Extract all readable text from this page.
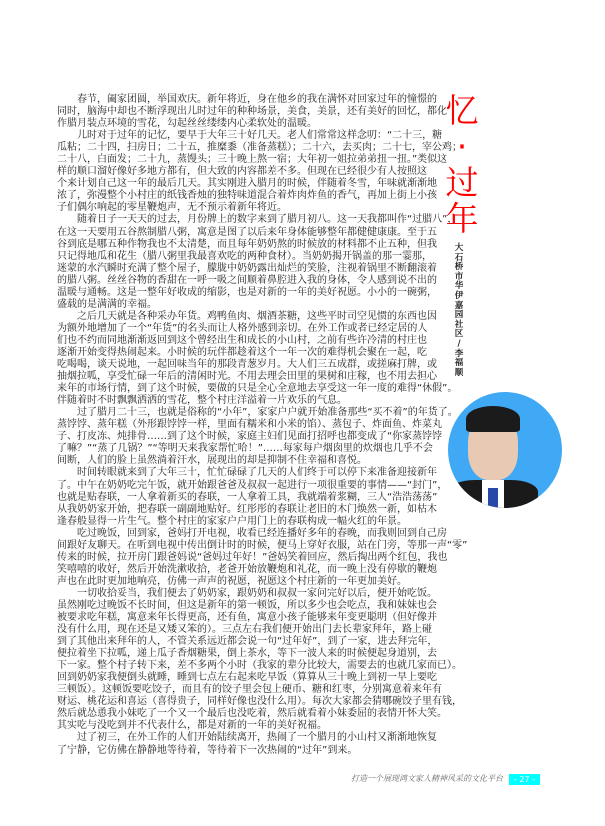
春节，阖家团圆，举国欢庆。新年将近，身在他乡的我在满怀对回家过年的憧憬的
同时，脑海中却也不断浮现出儿时过年的种种场景，美食，美景，还有美好的回忆，都化
作腊月装点环境的雪花，勾起丝丝缕缕内心柔软处的温暖。
儿时对于过年的记忆，要早于大年三十好几天。老人们常常这样念叨：“二十三，糖
瓜粘；二十四，扫房日；二十五，推糜黍（准备蒸糕）；二十六，去买肉；二十七，宰公鸡；
二十八，白面发；二十九，蒸馒头；三十晚上熬一宿；大年初一姐拉弟弟扭一扭。”类似这
样的顺口溜好像好多地方都有，但大致的内容都差不多。但现在已经很少有人按照这
个来计划自己这一年的最后几天。其实刚进入腊月的时候，伴随着冬雪，年味就渐渐地
浓了，弥漫整个小村庄的纸钱香烛的独特味道混合着炸肉炸鱼的香气，再加上街上小孩
子们偶尔响起的零星鞭炮声，无不预示着新年将近。
随着日子一天天的过去，月份牌上的数字来到了腊月初八。这一天我都叫作“过腊八”，
在这一天要用五谷熬制腊八粥，寓意是图了以后来年身体能够整年都健健康康。至于五
谷到底是哪五种作物我也不太清楚，而且每年奶奶熬的时候放的材料都不止五种，但我
只记得地瓜和花生（腊八粥里我最喜欢吃的两种食材）。当奶奶揭开锅盖的那一霎那，
迷蒙的水汽瞬时充满了整个屋子，朦胧中奶奶露出灿烂的笑脸，注视着锅里不断翻滚着
的腊八粥。丝丝谷物的香甜在一呼一吸之间顺着鼻腔进入我的身体，令人感到说不出的
温暖与通畅。这是一整年好收成的缩影，也是对新的一年的美好祝愿。小小的一碗粥，
盛载的是满满的幸福。
之后几天就是各种采办年货。鸡鸭鱼肉、烟酒茶糖，这些平时司空见惯的东西也因
为额外地增加了一个“年货”的名头而让人格外感到亲切。在外工作或者已经定居的人
们也不约而同地渐渐返回到这个曾经出生和成长的小山村，之前有些许冷清的村庄也
逐渐开始变得热闹起来。小时候的玩伴都趁着这个一年一次的难得机会聚在一起，吃
吃喝喝，谈天说地，一起回味当年的那段青葱岁月。大人们三五成群，或搓麻打牌，或
抽烟拉呱，享受忙碌一年后的清闲时光。不用去理会田里的果树和庄稼，也不用去担心
来年的市场行情，到了这个时候，要做的只是全心全意地去享受这一年一度的难得“休假”。
伴随着时不时飘飘洒洒的雪花，整个村庄洋溢着一片欢乐的气息。
过了腊月二十三，也就是俗称的“小年”，家家户户就开始准备那些“买不着”的年货了。
蒸饽饽、蒸年糕（外形跟饽饽一样，里面有糯米和小米的馅）、蒸包子、炸面鱼、炸菜丸
子、打皮冻、炖排骨……到了这个时候，家庭主妇们见面打招呼也都变成了“你家蒸饽饽
了嘛？”“蒸了几锅？”“等明天来我家帮忙哈！”……每家每户烟囱里的炊烟也几乎不会
间断，人们的脸上虽然淌着汗水，展现出的却是抑制不住幸福和喜悦。
时间转眼就来到了大年三十，忙忙碌碌了几天的人们终于可以停下来准备迎接新年
了。中午在奶奶吃完午饭，就开始跟爸爸及叔叔一起进行一项很重要的事情——“封门”，
也就是贴春联，一人拿着新买的春联，一人拿着工具，我就端着浆糊，三人“浩浩荡荡”
从我奶奶家开始，把春联一副副地贴好。红彤彤的春联让老旧的木门焕然一新，如枯木
逢春般显得一片生气。整个村庄的家家户户用门上的春联构成一幅火红的年景。
吃过晚饭，回到家，爸妈打开电视，收看已经连播好多年的春晚，而我则回到自己房
间跟好友聊天。在听到电视中传出倒计时的时候，便马上穿好衣服，站在门旁，等那一声“零”
传来的时候，拉开房门跟爸妈说“爸妈过年好！”爸妈笑着回应，然后掏出两个红包，我也
笑嘻嘻的收好，然后开始洗漱收拾，老爸开始放鞭炮和礼花，而一晚上没有停歇的鞭炮
声也在此时更加地响亮，仿佛一声声的祝愿，祝愿这个村庄新的一年更加美好。
一切收拾妥当，我们便去了奶奶家，跟奶奶和叔叔一家问完好以后，便开始吃饭。
虽然刚吃过晚饭不长时间，但这是新年的第一顿饭，所以多少也会吃点，我和妹妹也会
被要求吃年糕，寓意来年长得更高，还有鱼，寓意小孩子能够来年变更聪明（但好像并
没有什么用，现在还是又矮又笨的）。三点左右我们便开始出门去长辈家拜年，路上碰
到了其他出来拜年的人，不管关系远近都会说一句“过年好”，到了一家，进去拜完年，
便拉着坐下拉呱，递上瓜子香烟糖果，倒上茶水，等下一波人来的时候便起身道别，去
下一家。整个村子转下来，差不多两个小时（我家的辈分比较大，需要去的也就几家而已）。
回到奶奶家我便倒头就睡，睡到七点左右起来吃早饭（算算从三十晚上到初一早上要吃
三顿饭）。这顿饭要吃饺子，而且有的饺子里会包上硬币、糖和红枣，分别寓意着来年有
财运、桃花运和喜运（喜得贵子，同样好像也没什么用）。每次大家都会猜哪碗饺子里有钱，
然后就怂恿我小妹吃了一个又一个最后也没吃着，然后就看着小妹委屈的表情开怀大笑。
其实吃与没吃到并不代表什么，都是对新的一年的美好祝福。
过了初三，在外工作的人们开始陆续离开，热闹了一个腊月的小山村又渐渐地恢复
了宁静，它仿佛在静静地等待着，等待着下一次热闹的“过年”到来。
忆
·
过
年
大
石
桥
市
华
伊
嘉
园
社
区
/
李
福
顺
打造一个展现鸿文家人精神风采的文化平台	- 27 -
